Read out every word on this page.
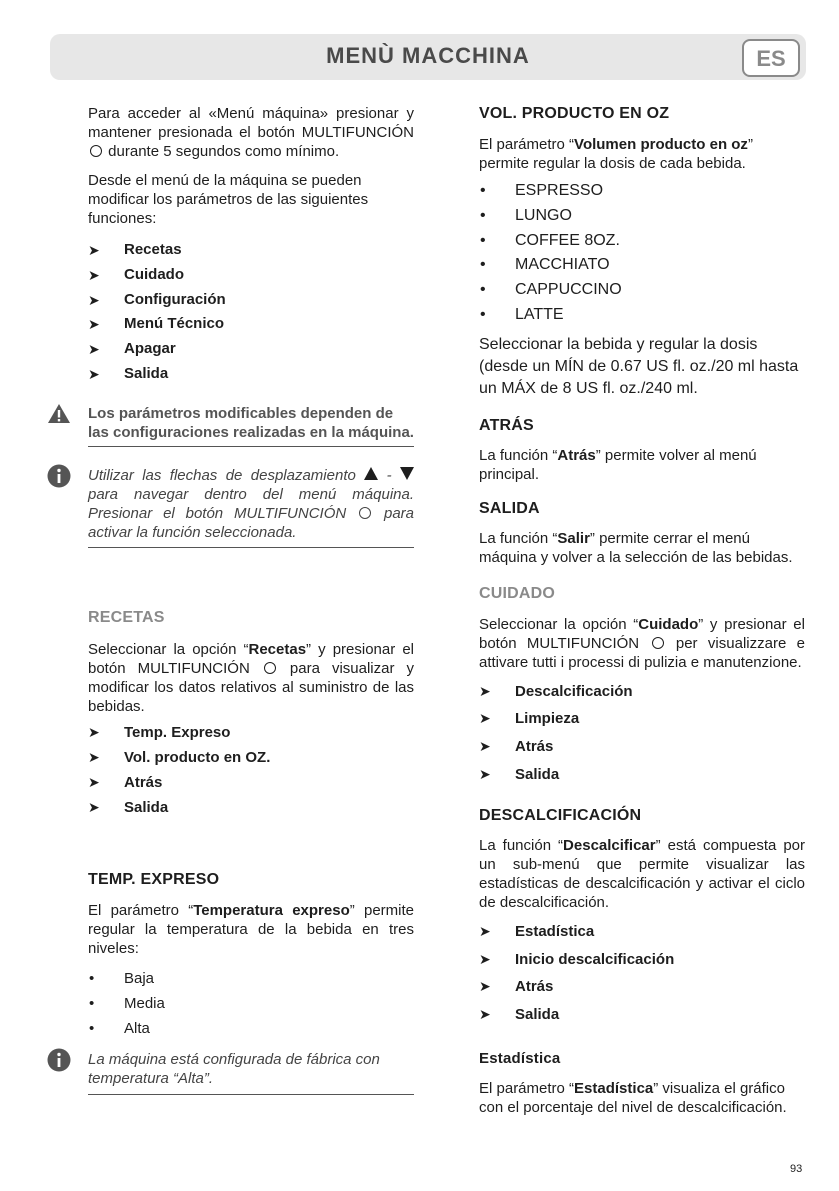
MENÙ MACCHINA	ES

Para acceder al «Menú máquina» presionar y mantener presionada el botón MULTIFUNCIÓN  durante 5 segundos como mínimo.

Desde el menú de la máquina se pueden modificar los parámetros de las siguientes funciones:

➤ Recetas
➤ Cuidado
➤ Configuración
➤ Menú Técnico
➤ Apagar
➤ Salida
Los parámetros modificables dependen de las configuraciones realizadas en la máquina.
Utilizar las flechas de desplazamiento -  para navegar dentro del menú máquina. Presionar el botón MULTIFUNCIÓN	para activar la función seleccionada.
RECETAS

Seleccionar la opción “Recetas” y presionar el botón MULTIFUNCIÓN	para visualizar y modificar los datos relativos al suministro de las bebidas.

➤ Temp. Expreso
➤ Vol. producto en OZ.
➤ Atrás
➤ Salida
TEMP. EXPRESO

El parámetro “Temperatura expreso” permite regular la temperatura de la bebida en tres niveles:

• Baja
• Media
• Alta
La máquina está configurada de fábrica con temperatura “Alta”.
VOL. PRODUCTO EN OZ

El parámetro “Volumen producto en oz” permite regular la dosis de cada bebida.

• ESPRESSO
• LUNGO
• COFFEE 8OZ.
• MACCHIATO
• CAPPUCCINO
• LATTE

Seleccionar la bebida y regular la dosis (desde un MÍN de 0.67 US fl. oz./20 ml hasta un MÁX de 8 US fl. oz./240 ml.

ATRÁS

La función “Atrás” permite volver al menú principal.

SALIDA

La función “Salir” permite cerrar el menú máquina y volver a la selección de las bebidas.

CUIDADO

Seleccionar la opción “Cuidado” y presionar el botón MULTIFUNCIÓN per visualizzare e attivare tutti i processi di pulizia e manutenzione.

➤ Descalcificación
➤ Limpieza
➤ Atrás
➤ Salida
DESCALCIFICACIÓN

La función “Descalcificar” está compuesta por un sub-menú que permite visualizar las estadísticas de descalcificación y activar el ciclo de descalcificación.

➤ Estadística
➤ Inicio descalcificación
➤ Atrás
➤ Salida
Estadística

El parámetro “Estadística” visualiza el gráfico con el porcentaje del nivel de descalcificación.

93
